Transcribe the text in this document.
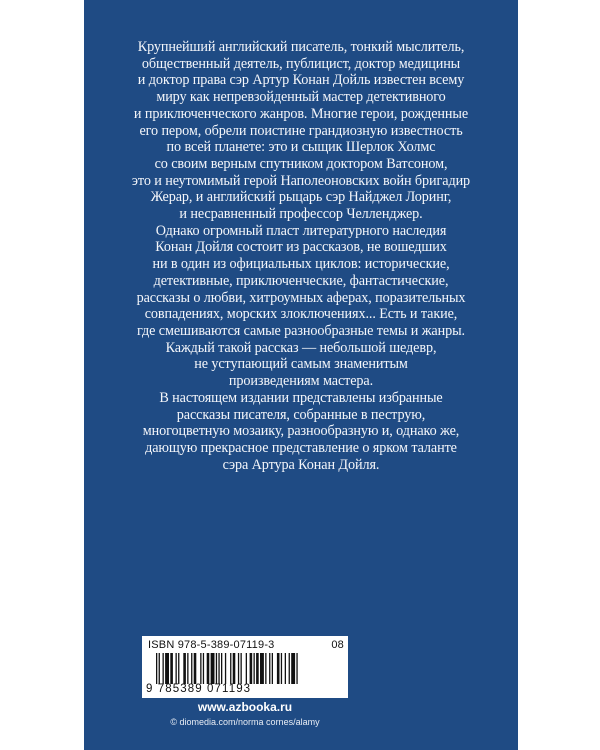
Крупнейший английский писатель, тонкий мыслитель,
общественный деятель, публицист, доктор медицины
и доктор права сэр Артур Конан Дойль известен всему
миру как непревзойденный мастер детективного
и приключенческого жанров. Многие герои, рожденные
его пером, обрели поистине грандиозную известность
по всей планете: это и сыщик Шерлок Холмс
со своим верным спутником доктором Ватсоном,
это и неутомимый герой Наполеоновских войн бригадир
Жерар, и английский рыцарь сэр Найджел Лоринг,
и несравненный профессор Челленджер.
Однако огромный пласт литературного наследия
Конан Дойля состоит из рассказов, не вошедших
ни в один из официальных циклов: исторические,
детективные, приключенческие, фантастические,
рассказы о любви, хитроумных аферах, поразительных
совпадениях, морских злоключениях... Есть и такие,
где смешиваются самые разнообразные темы и жанры.
Каждый такой рассказ — небольшой шедевр,
не уступающий самым знаменитым
произведениям мастера.
В настоящем издании представлены избранные
рассказы писателя, собранные в пеструю,
многоцветную мозаику, разнообразную и, однако же,
дающую прекрасное представление о ярком таланте
сэра Артура Конан Дойля.
ISBN 978-5-389-07119-3	08
9 785389 071193
www.azbooka.ru
© diomedia.com/norma cornes/alamy
